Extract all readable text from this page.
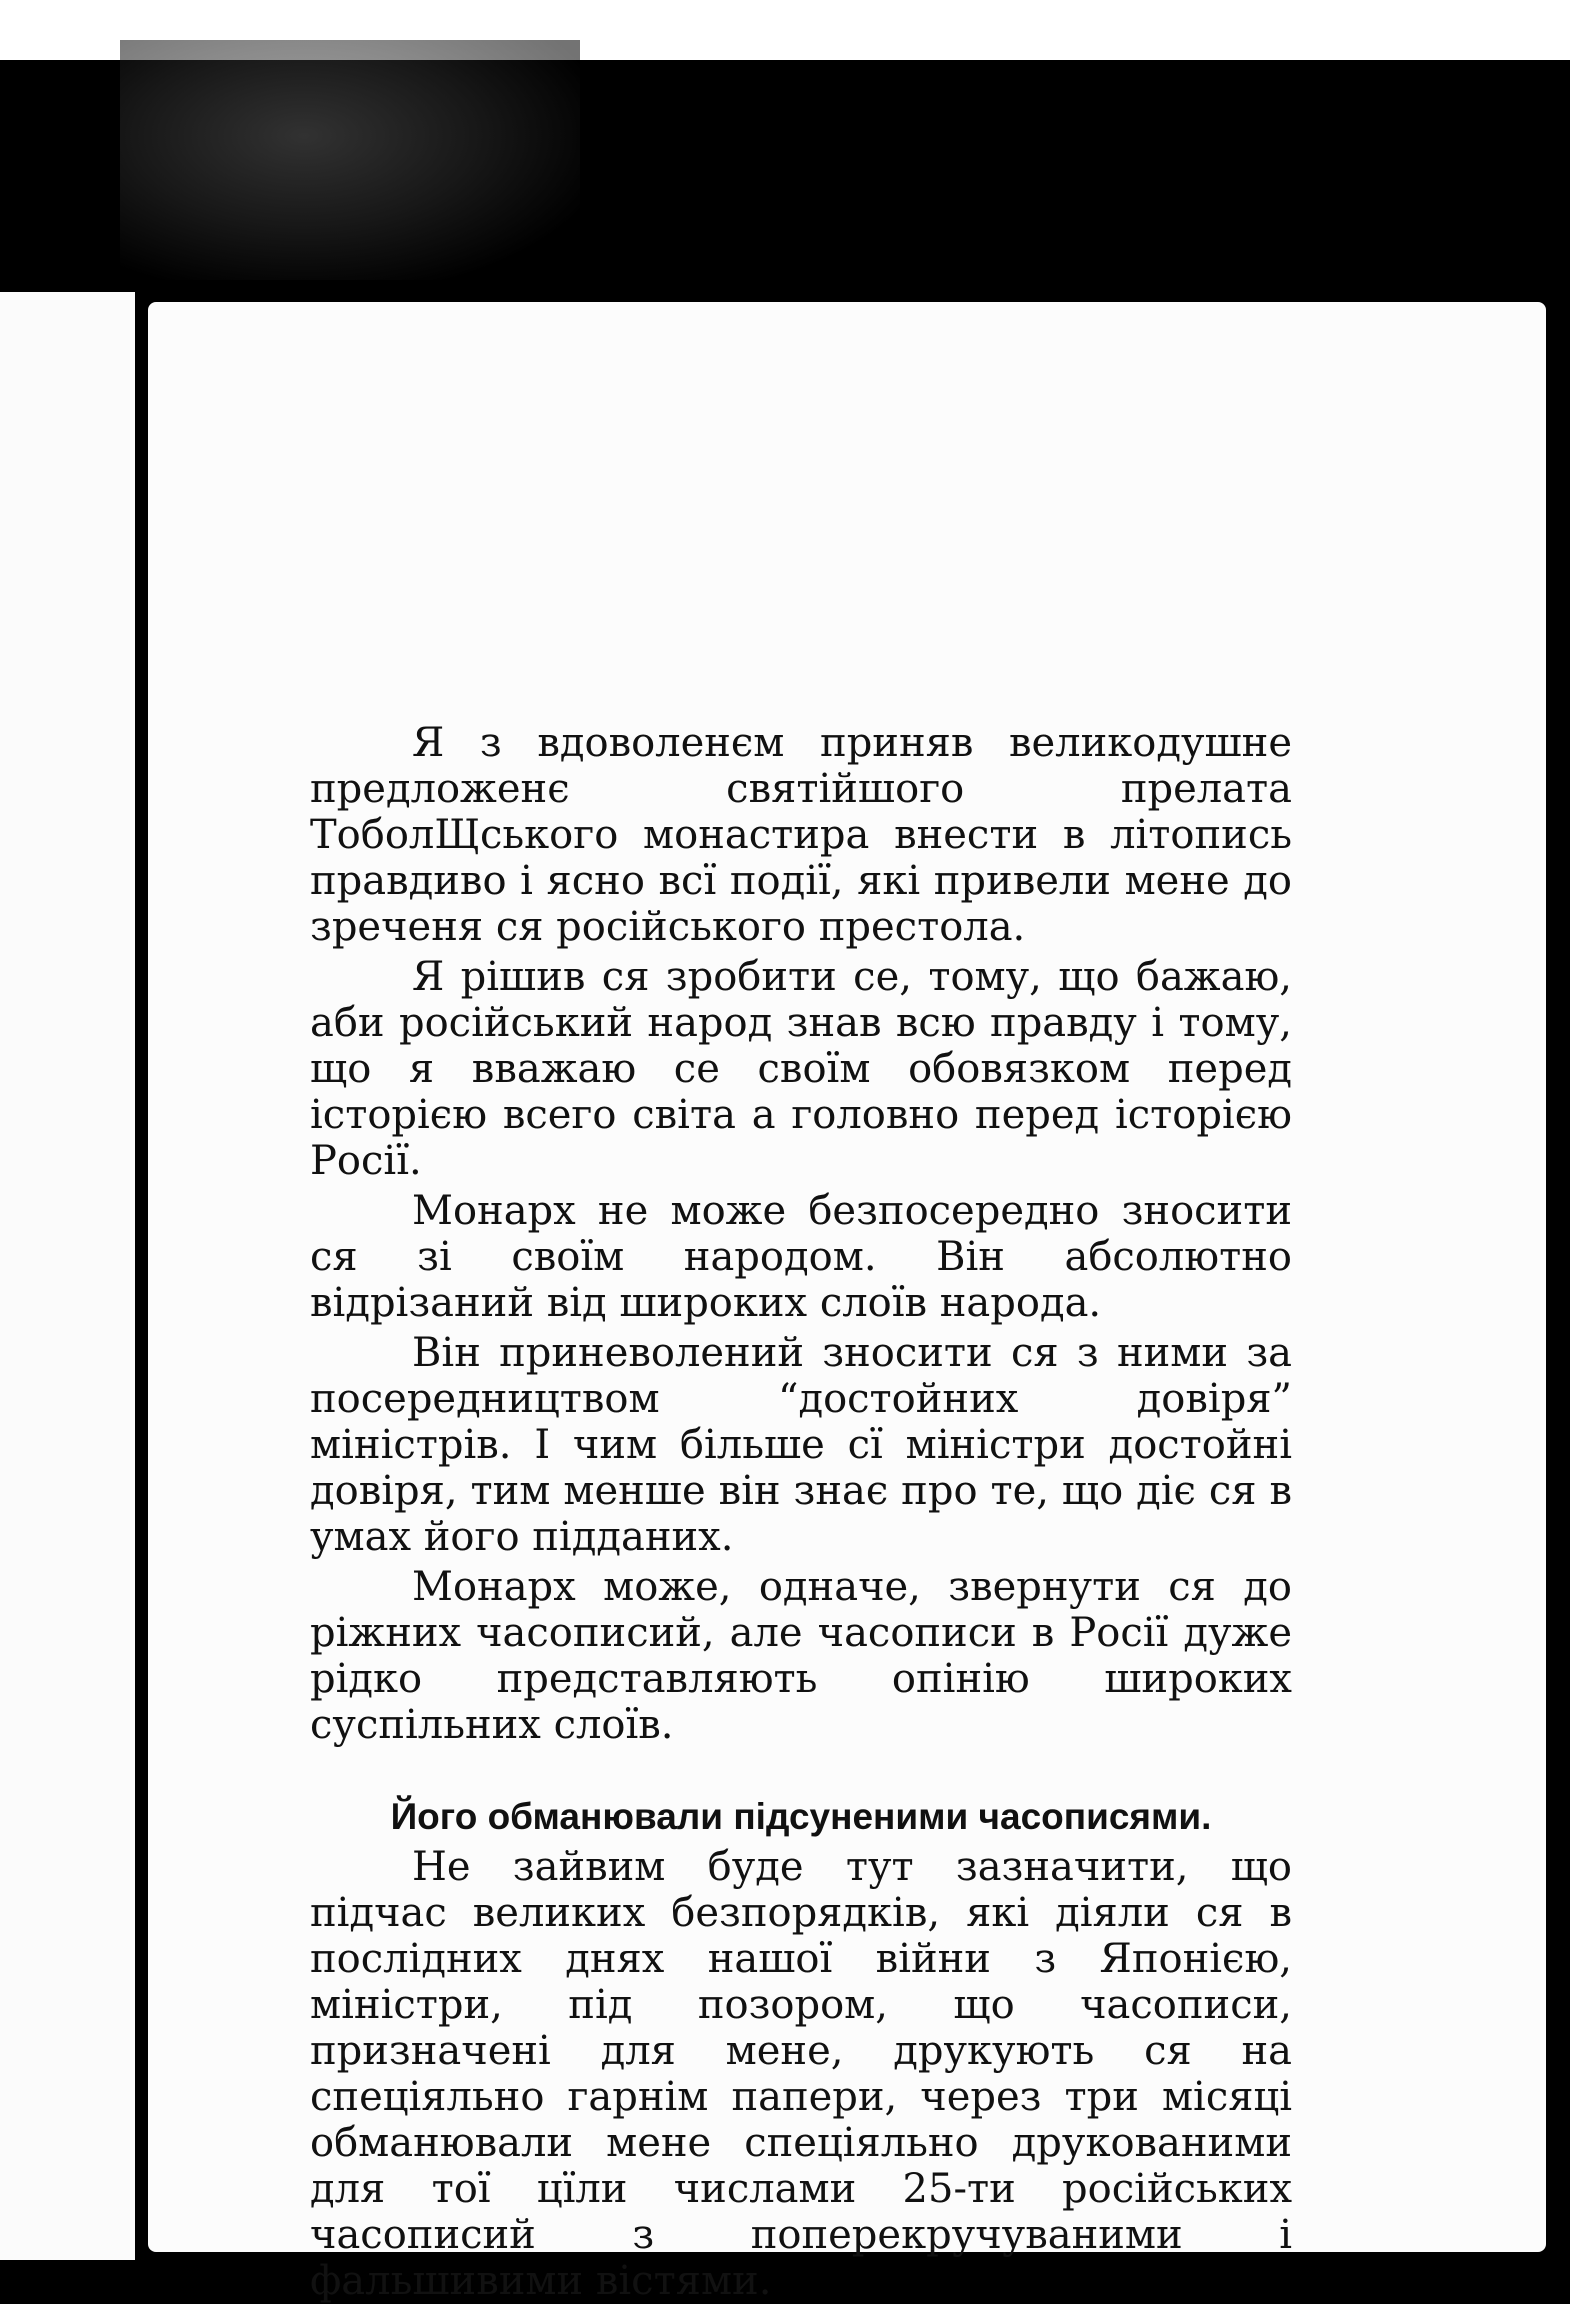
Я з вдоволенєм приняв великодушне предложенє святійшого прелата ТоболЩського монастира внести в літопись правдиво і ясно всї події, які привели мене до зреченя ся російського престола.

Я рішив ся зробити се, тому, що бажаю, аби російський народ знав всю правду і тому, що я вважаю се своїм обовязком перед історією всего світа а головно перед історією Росії.

Монарх не може безпосередно зносити ся зі своїм народом. Він абсолютно відрізаний від широких слоїв народа.

Він приневолений зносити ся з ними за посередництвом “достойних довіря” міністрів. І чим більше сї міністри достойні довіря, тим менше він знає про те, що діє ся в умах його підданих.

Монарх може, одначе, звернути ся до ріжних часописий, але часописи в Росії дуже рідко представляють опінію широких суспільних слоїв.

Його обманювали підсуненими часописями.

Не зайвим буде тут зазначити, що підчас великих безпорядків, які діяли ся в послідних днях нашої війни з Японією, міністри, під позором, що часописи, призначені для мене, друкують ся на спеціяльно гарнім папери, через три місяці обманювали мене спеціяльно друкованими для тої цїли числами 25-ти російських часописий з поперекручуваними і фальшивими вістями.
